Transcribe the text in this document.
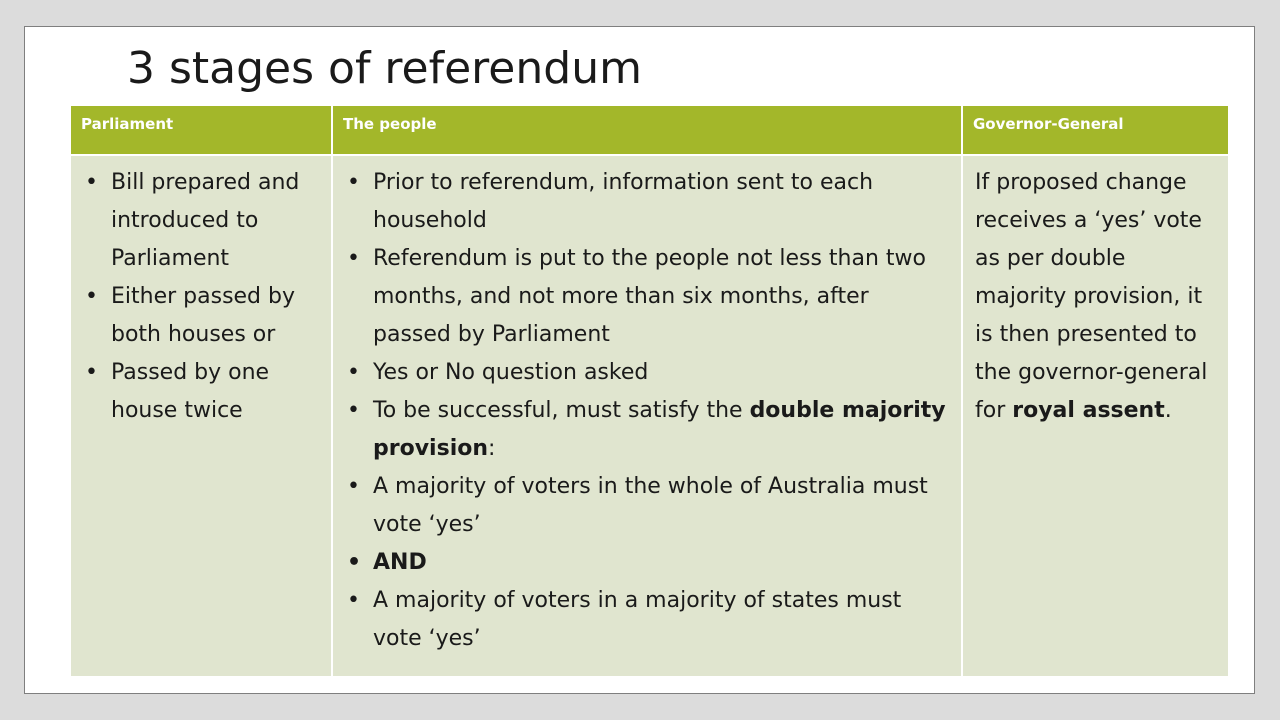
3 stages of referendum
Parliament	The people	Governor-General
• Bill prepared and introduced to Parliament
• Either passed by both houses or
• Passed by one house twice
• Prior to referendum, information sent to each household
• Referendum is put to the people not less than two months, and not more than six months, after passed by Parliament
• Yes or No question asked
• To be successful, must satisfy the double majority provision:
• A majority of voters in the whole of Australia must vote ‘yes’
• AND
• A majority of voters in a majority of states must vote ‘yes’

If proposed change receives a ‘yes’ vote as per double majority provision, it is then presented to the governor-general for royal assent.
